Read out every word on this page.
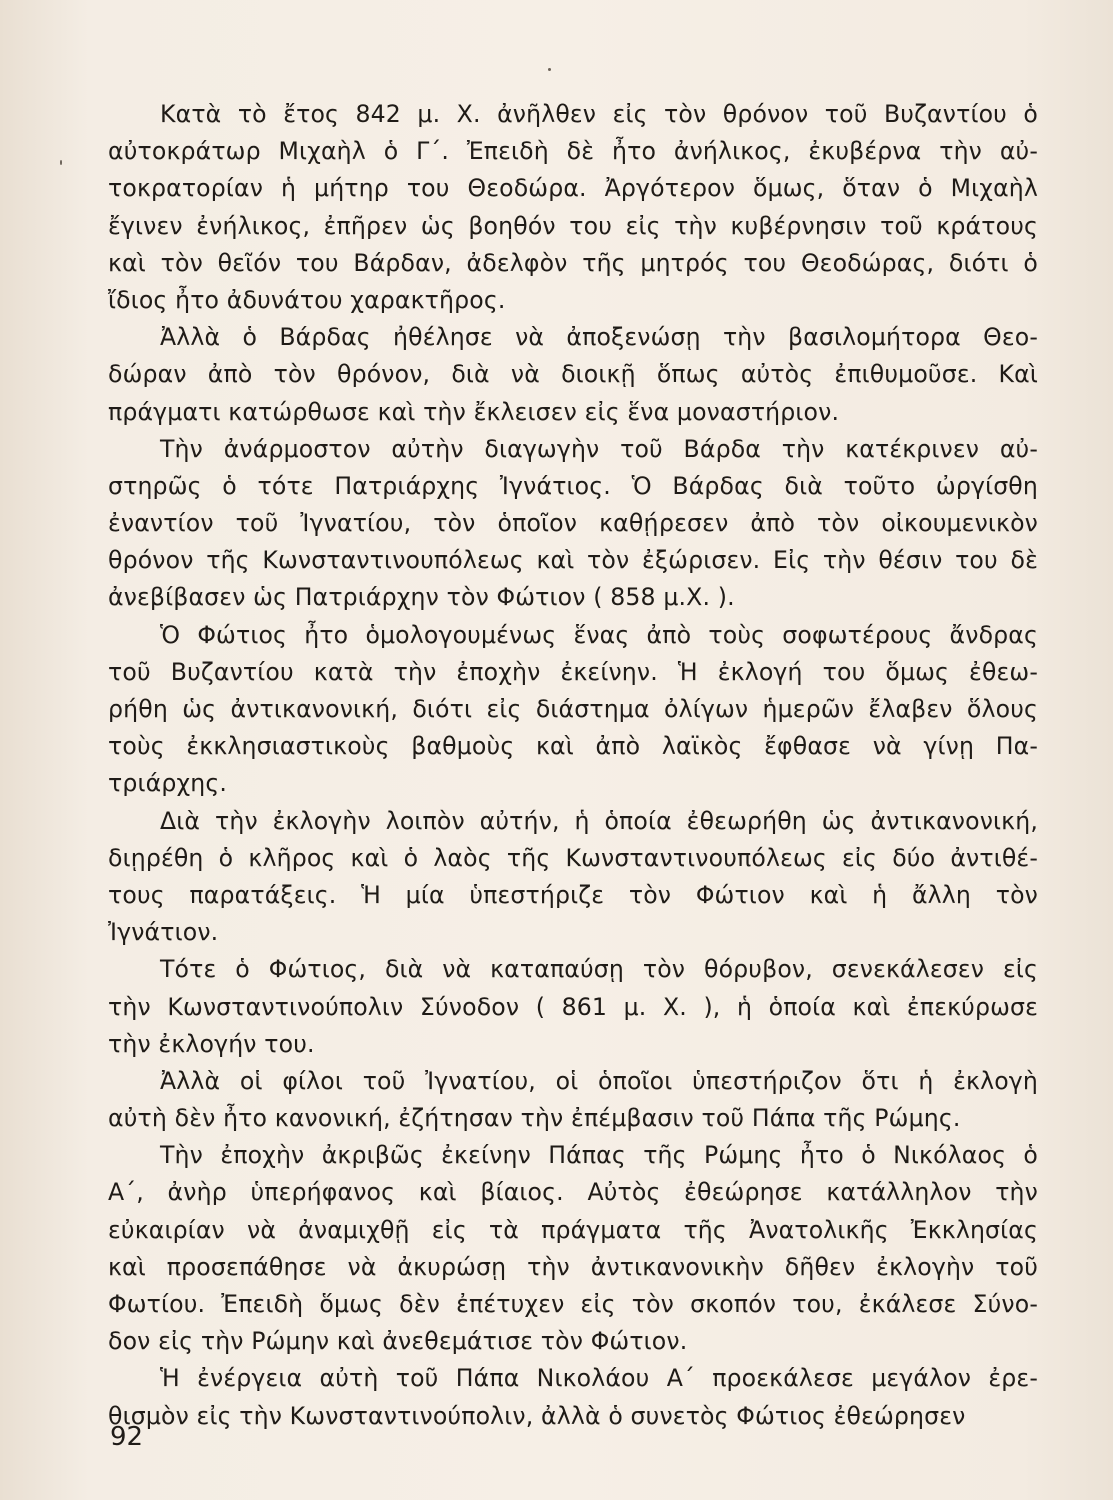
Κατὰ τὸ ἔτος 842 μ. Χ. ἀνῆλθεν εἰς τὸν θρόνον τοῦ Βυζαντίου ὁ
αὐτοκράτωρ Μιχαὴλ ὁ Γ΄. Ἐπειδὴ δὲ ἦτο ἀνήλικος, ἐκυβέρνα τὴν αὐ-
τοκρατορίαν ἡ μήτηρ του Θεοδώρα. Ἀργότερον ὅμως, ὅταν ὁ Μιχαὴλ
ἔγινεν ἐνήλικος, ἐπῆρεν ὡς βοηθόν του εἰς τὴν κυβέρνησιν τοῦ κράτους
καὶ τὸν θεῖόν του Βάρδαν, ἀδελφὸν τῆς μητρός του Θεοδώρας, διότι ὁ
ἴδιος ἦτο ἀδυνάτου χαρακτῆρος.
Ἀλλὰ ὁ Βάρδας ἠθέλησε νὰ ἀποξενώσῃ τὴν βασιλομήτορα Θεο-
δώραν ἀπὸ τὸν θρόνον, διὰ νὰ διοικῇ ὅπως αὐτὸς ἐπιθυμοῦσε. Καὶ
πράγματι κατώρθωσε καὶ τὴν ἔκλεισεν εἰς ἕνα μοναστήριον.
Τὴν ἀνάρμοστον αὐτὴν διαγωγὴν τοῦ Βάρδα τὴν κατέκρινεν αὐ-
στηρῶς ὁ τότε Πατριάρχης Ἰγνάτιος. Ὁ Βάρδας διὰ τοῦτο ὠργίσθη
ἐναντίον τοῦ Ἰγνατίου, τὸν ὁποῖον καθῄρεσεν ἀπὸ τὸν οἰκουμενικὸν
θρόνον τῆς Κωνσταντινουπόλεως καὶ τὸν ἐξώρισεν. Εἰς τὴν θέσιν του δὲ
ἀνεβίβασεν ὡς Πατριάρχην τὸν Φώτιον ( 858 μ.Χ. ).
Ὁ Φώτιος ἦτο ὁμολογουμένως ἕνας ἀπὸ τοὺς σοφωτέρους ἄνδρας
τοῦ Βυζαντίου κατὰ τὴν ἐποχὴν ἐκείνην. Ἡ ἐκλογή του ὅμως ἐθεω-
ρήθη ὡς ἀντικανονική, διότι εἰς διάστημα ὀλίγων ἡμερῶν ἔλαβεν ὅλους
τοὺς ἐκκλησιαστικοὺς βαθμοὺς καὶ ἀπὸ λαϊκὸς ἔφθασε νὰ γίνῃ Πα-
τριάρχης.
Διὰ τὴν ἐκλογὴν λοιπὸν αὐτήν, ἡ ὁποία ἐθεωρήθη ὡς ἀντικανονική,
διῃρέθη ὁ κλῆρος καὶ ὁ λαὸς τῆς Κωνσταντινουπόλεως εἰς δύο ἀντιθέ-
τους παρατάξεις. Ἡ μία ὑπεστήριζε τὸν Φώτιον καὶ ἡ ἄλλη τὸν
Ἰγνάτιον.
Τότε ὁ Φώτιος, διὰ νὰ καταπαύσῃ τὸν θόρυβον, σενεκάλεσεν εἰς
τὴν Κωνσταντινούπολιν Σύνοδον ( 861 μ. Χ. ), ἡ ὁποία καὶ ἐπεκύρωσε
τὴν ἐκλογήν του.
Ἀλλὰ οἱ φίλοι τοῦ Ἰγνατίου, οἱ ὁποῖοι ὑπεστήριζον ὅτι ἡ ἐκλογὴ
αὐτὴ δὲν ἦτο κανονική, ἐζήτησαν τὴν ἐπέμβασιν τοῦ Πάπα τῆς Ρώμης.
Τὴν ἐποχὴν ἀκριβῶς ἐκείνην Πάπας τῆς Ρώμης ἦτο ὁ Νικόλαος ὁ
Α΄, ἀνὴρ ὑπερήφανος καὶ βίαιος. Αὐτὸς ἐθεώρησε κατάλληλον τὴν
εὐκαιρίαν νὰ ἀναμιχθῇ εἰς τὰ πράγματα τῆς Ἀνατολικῆς Ἐκκλησίας
καὶ προσεπάθησε νὰ ἀκυρώσῃ τὴν ἀντικανονικὴν δῆθεν ἐκλογὴν τοῦ
Φωτίου. Ἐπειδὴ ὅμως δὲν ἐπέτυχεν εἰς τὸν σκοπόν του, ἐκάλεσε Σύνο-
δον εἰς τὴν Ρώμην καὶ ἀνεθεμάτισε τὸν Φώτιον.
Ἡ ἐνέργεια αὐτὴ τοῦ Πάπα Νικολάου Α΄ προεκάλεσε μεγάλον ἐρε-
θισμὸν εἰς τὴν Κωνσταντινούπολιν, ἀλλὰ ὁ συνετὸς Φώτιος ἐθεώρησεν
92
